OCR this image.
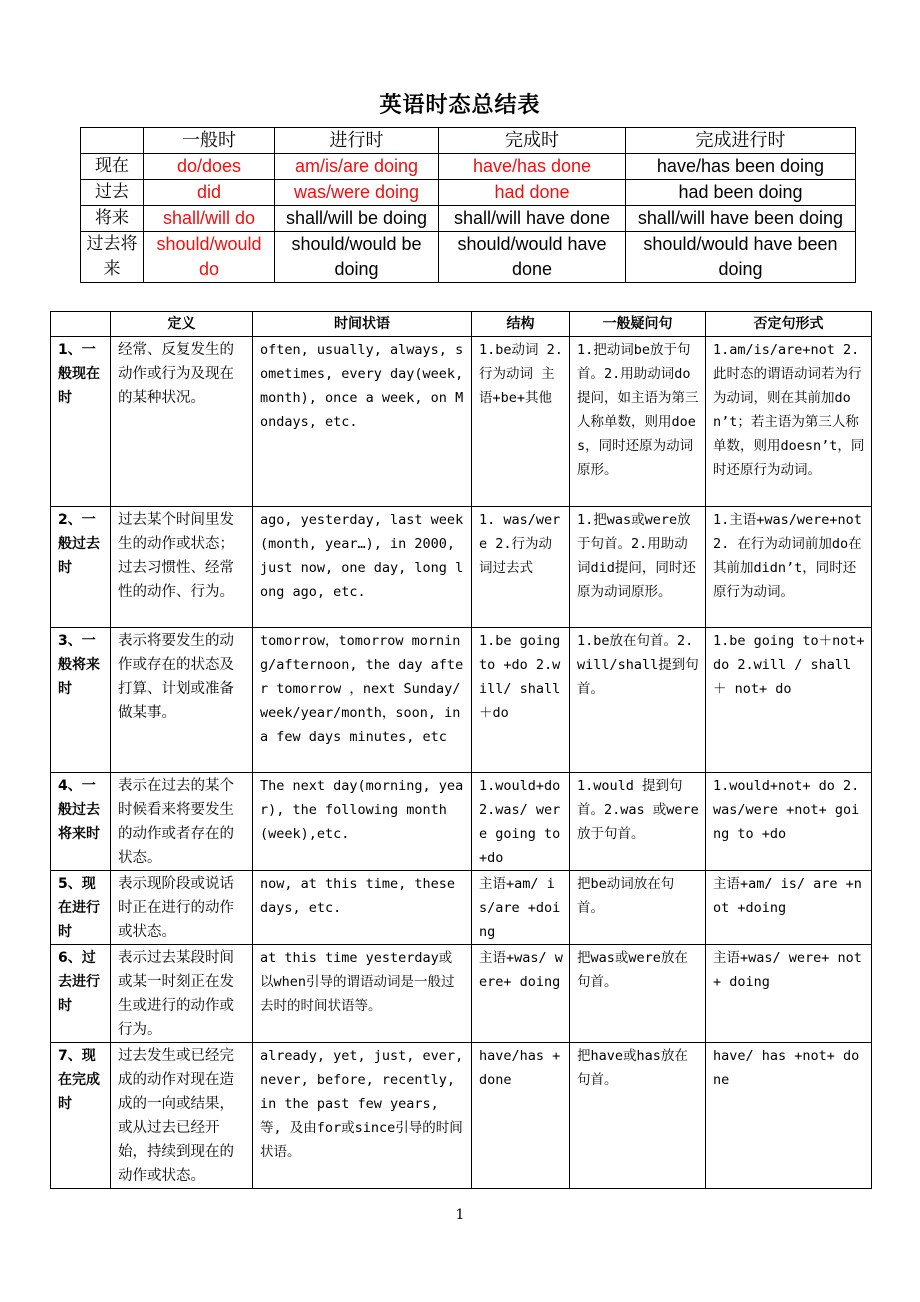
英语时态总结表
	一般时	进行时	完成时	完成进行时
现在	do/does	am/is/are doing	have/has done	have/has been doing
过去	did	was/were doing	had done	had been doing
将来	shall/will do	shall/will be doing	shall/will have done	shall/will have been doing
过去将来	should/would do	should/would be doing	should/would have done	should/would have been doing
	定义	时间状语	结构	一般疑问句	否定句形式
1、一般现在时	经常、反复发生的动作或行为及现在的某种状况。	often, usually, always, sometimes, every day(week,month), once a week, on Mondays, etc.	1.be动词 2.行为动词 主语+be+其他	1.把动词be放于句首。2.用助动词do提问，如主语为第三人称单数，则用does，同时还原为动词原形。	1.am/is/are+not 2.此时态的谓语动词若为行为动词，则在其前加don’t；若主语为第三人称单数，则用doesn’t，同时还原行为动词。
2、一般过去时	过去某个时间里发生的动作或状态；过去习惯性、经常性的动作、行为。	ago, yesterday, last week(month, year…), in 2000, just now, one day, long long ago, etc.	1. was/were 2.行为动词过去式	1.把was或were放于句首。2.用助动词did提问，同时还原为动词原形。	1.主语+was/were+not 2. 在行为动词前加do在其前加didn’t，同时还原行为动词。
3、一般将来时	表示将要发生的动作或存在的状态及打算、计划或准备做某事。	tomorrow，tomorrow morning/afternoon, the day after tomorrow ，next Sunday/week/year/month，soon, in a few days minutes, etc	1.be going to +do 2.will/ shall＋do	1.be放在句首。2.will/shall提到句首。	1.be going to＋not+do 2.will / shall ＋ not+ do
4、一般过去将来时	表示在过去的某个时候看来将要发生的动作或者存在的状态。	The next day(morning, year), the following month (week),etc.	1.would+do 2.was/ were going to +do	1.would 提到句首。2.was 或were放于句首。	1.would+not+ do 2.was/were +not+ going to +do
5、现在进行时	表示现阶段或说话时正在进行的动作或状态。	now, at this time, these days, etc.	主语+am/ is/are +doing	把be动词放在句首。	主语+am/ is/ are +not +doing
6、过去进行时	表示过去某段时间或某一时刻正在发生或进行的动作或行为。	at this time yesterday或以when引导的谓语动词是一般过去时的时间状语等。	主语+was/ were+ doing	把was或were放在句首。	主语+was/ were+ not+ doing
7、现在完成时	过去发生或已经完成的动作对现在造成的一向或结果，或从过去已经开始，持续到现在的动作或状态。	already, yet, just, ever, never, before, recently, in the past few years, 等, 及由for或since引导的时间状语。	have/has +done	把have或has放在句首。	have/ has +not+ done
1
